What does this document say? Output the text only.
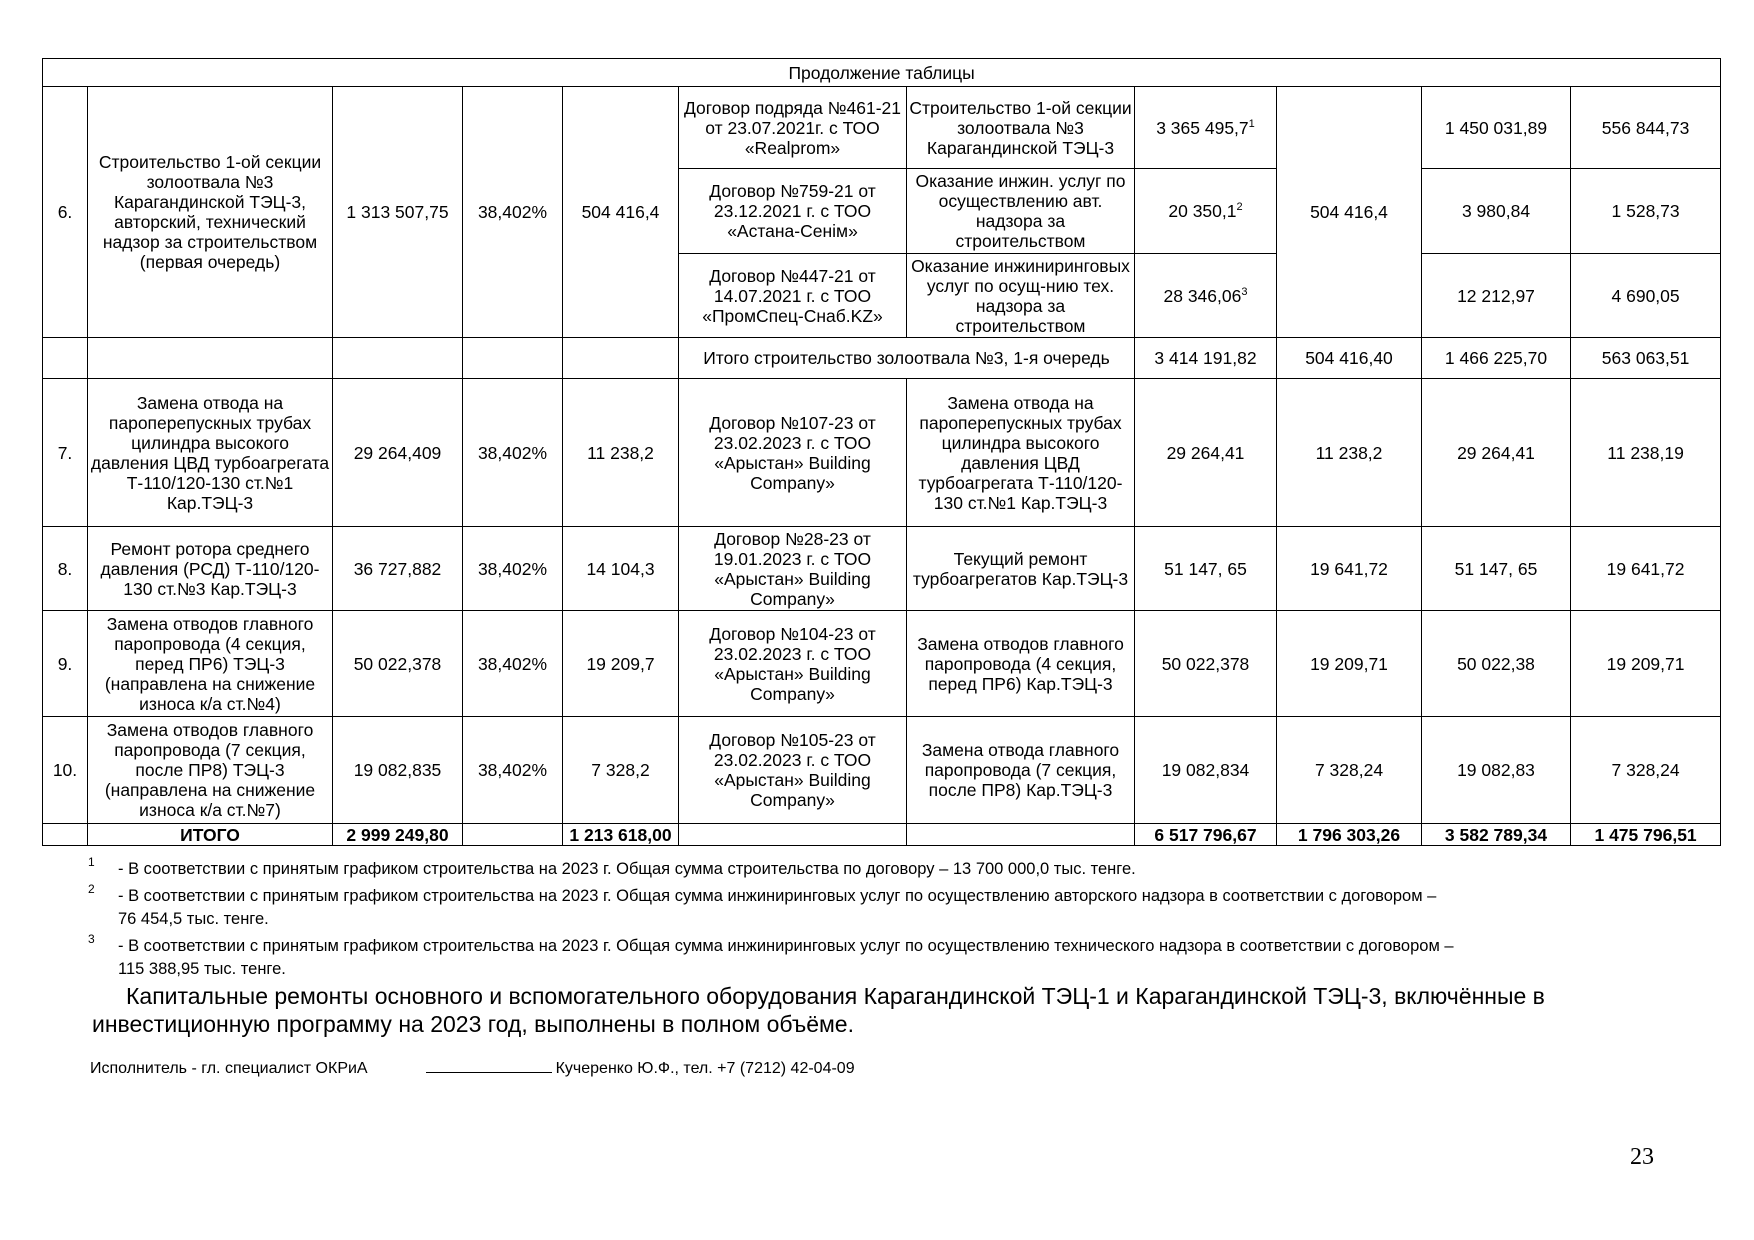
Продолжение таблицы										
6.	Строительство 1-ой секции золоотвала №3 Карагандинской ТЭЦ-3, авторский, технический надзор за строительством (первая очередь)	1 313 507,75	38,402%	504 416,4	Договор подряда №461-21 от 23.07.2021г. с ТОО «Realprom»	Строительство 1-ой секции золоотвала №3 Карагандинской ТЭЦ-3	3 365 495,7$^1$	504 416,4	1 450 031,89	556 844,73
					Договор №759-21 от 23.12.2021 г. с ТОО «Астана-Сенiм»	Оказание инжин. услуг по осуществлению авт. надзора за строительством	20 350,1$^2$		3 980,84	1 528,73
					Договор №447-21 от 14.07.2021 г. с ТОО «ПромСпец-Снаб.KZ»	Оказание инжиниринговых услуг по осущ-нию тех. надзора за строительством	28 346,06$^3$		12 212,97	4 690,05
					Итого строительство золоотвала №3, 1-я очередь		3 414 191,82	504 416,40	1 466 225,70	563 063,51
7.	Замена отвода на пароперепускных трубах цилиндра высокого давления ЦВД турбоагрегата Т-110/120-130 ст.№1 Кар.ТЭЦ-3	29 264,409	38,402%	11 238,2	Договор №107-23 от 23.02.2023 г. с ТОО «Арыстан» Building Company»	Замена отвода на пароперепускных трубах цилиндра высокого давления ЦВД турбоагрегата Т-110/120-130 ст.№1 Кар.ТЭЦ-3	29 264,41	11 238,2	29 264,41	11 238,19
8.	Ремонт ротора среднего давления (РСД) Т-110/120-130 ст.№3 Кар.ТЭЦ-3	36 727,882	38,402%	14 104,3	Договор №28-23 от 19.01.2023 г. с ТОО «Арыстан» Building Company»	Текущий ремонт турбоагрегатов Кар.ТЭЦ-3	51 147, 65	19 641,72	51 147, 65	19 641,72
9.	Замена отводов главного паропровода (4 секция, перед ПР6) ТЭЦ-3 (направлена на снижение износа к/а ст.№4)	50 022,378	38,402%	19 209,7	Договор №104-23 от 23.02.2023 г. с ТОО «Арыстан» Building Company»	Замена отводов главного паропровода (4 секция, перед ПР6) Кар.ТЭЦ-3	50 022,378	19 209,71	50 022,38	19 209,71
10.	Замена отводов главного паропровода (7 секция, после ПР8) ТЭЦ-3 (направлена на снижение износа к/а ст.№7)	19 082,835	38,402%	7 328,2	Договор №105-23 от 23.02.2023 г. с ТОО «Арыстан» Building Company»	Замена отвода главного паропровода (7 секция, после ПР8) Кар.ТЭЦ-3	19 082,834	7 328,24	19 082,83	7 328,24
	ИТОГО	2 999 249,80		1 213 618,00			6 517 796,67	1 796 303,26	3 582 789,34	1 475 796,51
1 - В соответствии с принятым графиком строительства на 2023 г. Общая сумма строительства по договору – 13 700 000,0 тыс. тенге.
2 - В соответствии с принятым графиком строительства на 2023 г. Общая сумма инжиниринговых услуг по осуществлению авторского надзора в соответствии с договором –
76 454,5 тыс. тенге.
3 - В соответствии с принятым графиком строительства на 2023 г. Общая сумма инжиниринговых услуг по осуществлению технического надзора в соответствии с договором –
115 388,95 тыс. тенге.
Капитальные ремонты основного и вспомогательного оборудования Карагандинской ТЭЦ-1 и Карагандинской ТЭЦ-3, включённые в инвестиционную программу на 2023 год, выполнены в полном объёме.
Исполнитель - гл. специалист ОКРиА	Кучеренко Ю.Ф., тел. +7 (7212) 42-04-09
23
